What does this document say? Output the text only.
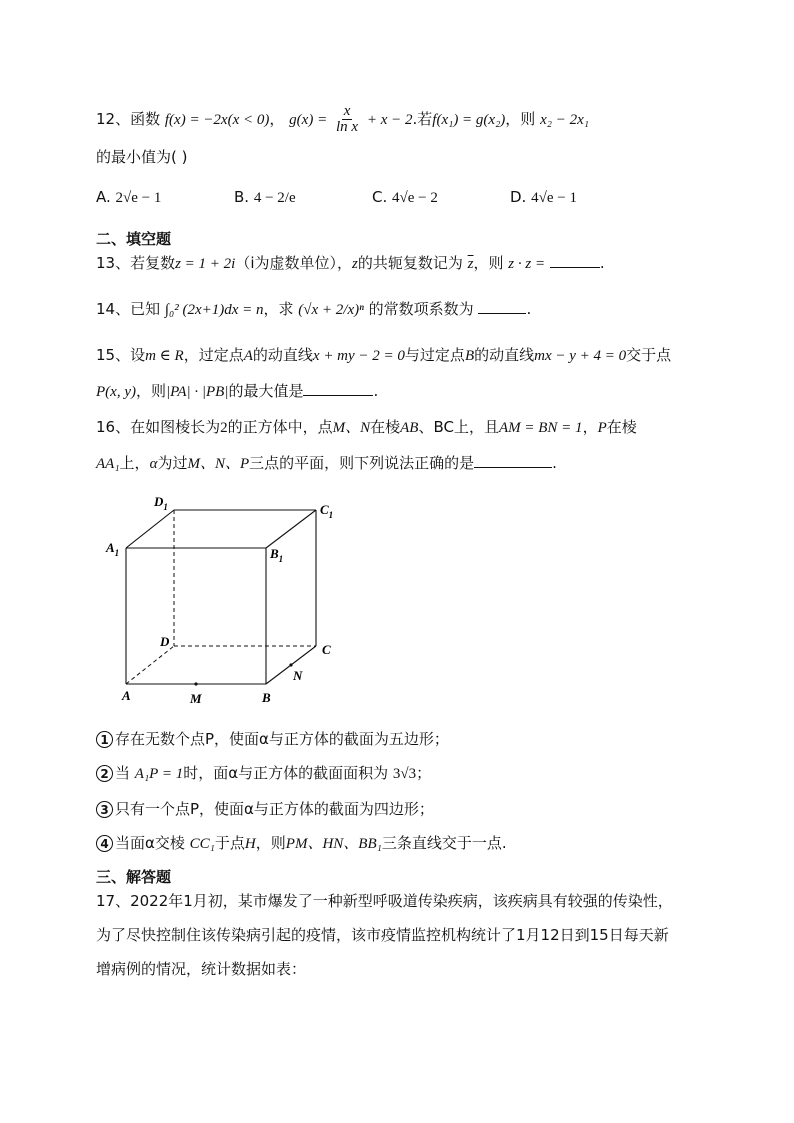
12、函数 f(x) = −2x(x < 0)， $g(x) = \frac{x}{\text{ln x}} + x - 2$.若f(x₁) = g(x₂)，则 x₂ − 2x₁
的最小值为( )
A. 2√e − 1	B. 4 − 2/e	C. 4√e − 2	D. 4√e − 1
二、填空题
13、若复数z = 1 + 2i（i为虚数单位），z的共轭复数记为 $\overline{z}$，则 z · z =	.
14、已知 ∫₀² (2x+1)dx = n，求 (√x + 2/x)ⁿ 的常数项系数为	.
15、设m ∈ R，过定点A的动直线x + my − 2 = 0与过定点B的动直线mx − y + 4 = 0交于点
P(x, y)，则|PA| · |PB|的最大值是	.
16、在如图棱长为2的正方体中，点M、N在棱AB、BC上，且AM = BN = 1，P在棱
AA₁上，α为过M、N、P三点的平面，则下列说法正确的是	.
$D_1$	$C_1$
$A_1$	$B_1$
D
C
A	M	B
N
1 存在无数个点P，使面α与正方体的截面为五边形；
2 当 A₁P = 1时，面α与正方体的截面面积为 3√3；
3 只有一个点P，使面α与正方体的截面为四边形；
4 当面α交棱 CC₁于点H，则PM、HN、BB₁三条直线交于一点.
三、解答题
17、2022年1月初，某市爆发了一种新型呼吸道传染疾病，该疾病具有较强的传染性，
为了尽快控制住该传染病引起的疫情，该市疫情监控机构统计了1月12日到15日每天新
增病例的情况，统计数据如表：
